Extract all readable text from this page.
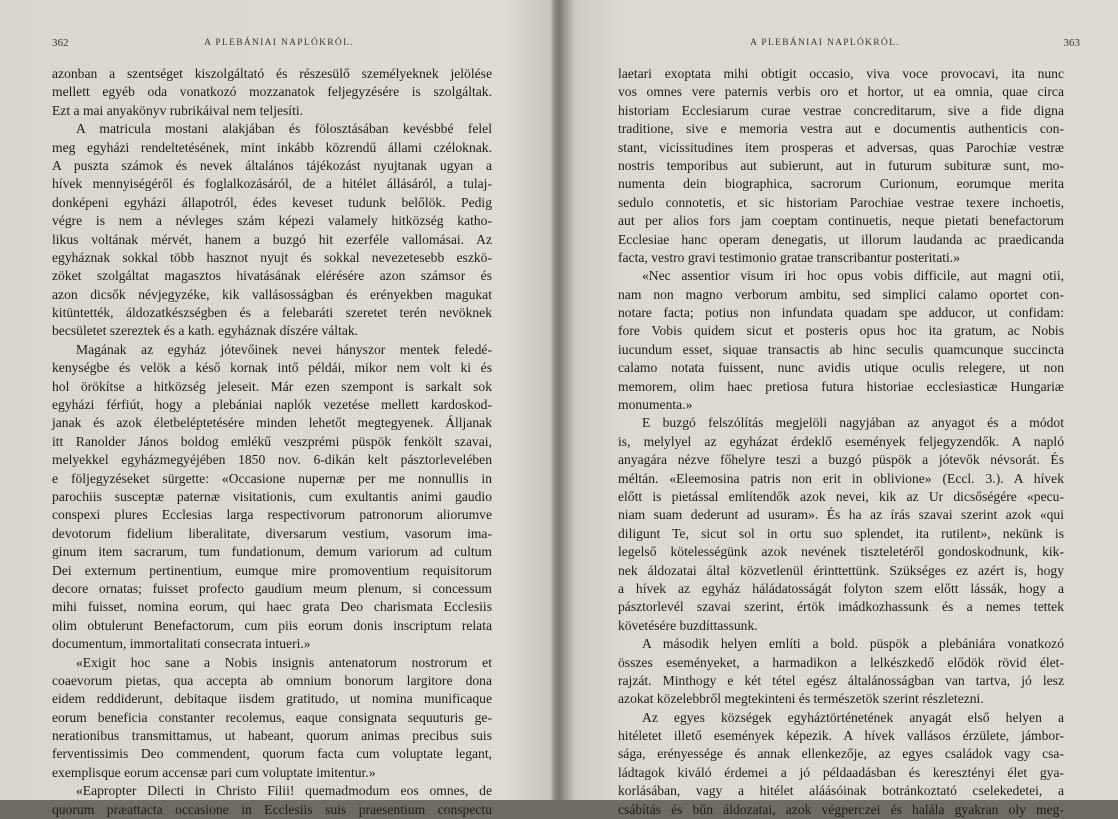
362	A PLEBÁNIAI NAPLÓKRÓL.
azonban a szentséget kiszolgáltató és részesülő személyeknek jelölése
mellett egyéb oda vonatkozó mozzanatok feljegyzésére is szolgáltak.
Ezt a mai anyakönyv rubrikáival nem teljesíti.
A matricula mostani alakjában és fölosztásában kevésbbé felel
meg egyházi rendeltetésének, mint inkább közrendű állami czéloknak.
A puszta számok és nevek általános tájékozást nyujtanak ugyan a
hívek mennyiségéről és foglalkozásáról, de a hitélet állásáról, a tulaj-
donképeni egyházi állapotról, édes keveset tudunk belőlök. Pedig
végre is nem a névleges szám képezi valamely hitközség katho-
likus voltának mérvét, hanem a buzgó hit ezerféle vallomásai. Az
egyháznak sokkal több hasznot nyujt és sokkal nevezetesebb eszkö-
zöket szolgáltat magasztos hivatásának elérésére azon számsor és
azon dicsők névjegyzéke, kik vallásosságban és erényekben magukat
kitüntették, áldozatkészségben és a felebaráti szeretet terén nevöknek
becsületet szereztek és a kath. egyháznak díszére váltak.
Magának az egyház jótevőinek nevei hányszor mentek feledé-
kenységbe és velök a késő kornak intő példái, mikor nem volt ki és
hol örökítse a hitközség jeleseit. Már ezen szempont is sarkalt sok
egyházi férfiút, hogy a plebániai naplók vezetése mellett kardoskod-
janak és azok életbeléptetésére minden lehetőt megtegyenek. Álljanak
itt Ranolder János boldog emlékű veszprémi püspök fenkölt szavai,
melyekkel egyházmegyéjében 1850 nov. 6-dikán kelt pásztorlevelében
e följegyzéseket sürgette: «Occasione nupernæ per me nonnullis in
parochiis susceptæ paternæ visitationis, cum exultantis animi gaudio
conspexi plures Ecclesias larga respectivorum patronorum aliorumve
devotorum fidelium liberalitate, diversarum vestium, vasorum ima-
ginum item sacrarum, tum fundationum, demum variorum ad cultum
Dei externum pertinentium, eumque mire promoventium requisitorum
decore ornatas; fuisset profecto gaudium meum plenum, si concessum
mihi fuisset, nomina eorum, qui haec grata Deo charismata Ecclesiis
olim obtulerunt Benefactorum, cum piis eorum donis inscriptum relata
documentum, immortalitati consecrata intueri.»
«Exigit hoc sane a Nobis insignis antenatorum nostrorum et
coaevorum pietas, qua accepta ab omnium bonorum largitore dona
eidem reddiderunt, debitaque iisdem gratitudo, ut nomina munificaque
eorum beneficia constanter recolemus, eaque consignata sequuturis ge-
nerationibus transmittamus, ut habeant, quorum animas precibus suis
ferventissimis Deo commendent, quorum facta cum voluptate legant,
exemplisque eorum accensæ pari cum voluptate imitentur.»
«Eapropter Dilecti in Christo Filii! quemadmodum eos omnes, de
quorum præattacta occasione in Ecclesiis suis praesentium conspectu
A PLEBÁNIAI NAPLÓKRÓL.	363
laetari exoptata mihi obtigit occasio, viva voce provocavi, ita nunc
vos omnes vere paternis verbis oro et hortor, ut ea omnia, quae circa
historiam Ecclesiarum curae vestrae concreditarum, sive a fide digna
traditione, sive e memoria vestra aut e documentis authenticis con-
stant, vicissitudines item prosperas et adversas, quas Parochiæ vestræ
nostris temporibus aut subierunt, aut in futurum subituræ sunt, mo-
numenta dein biographica, sacrorum Curionum, eorumque merita
sedulo connotetis, et sic historiam Parochiae vestrae texere inchoetis,
aut per alios fors jam coeptam continuetis, neque pietati benefactorum
Ecclesiae hanc operam denegatis, ut illorum laudanda ac praedicanda
facta, vestro gravi testimonio gratae transcribantur posteritati.»
«Nec assentior visum iri hoc opus vobis difficile, aut magni otii,
nam non magno verborum ambitu, sed simplici calamo oportet con-
notare facta; potius non infundata quadam spe adducor, ut confidam:
fore Vobis quidem sicut et posteris opus hoc ita gratum, ac Nobis
iucundum esset, siquae transactis ab hinc seculis quamcunque succincta
calamo notata fuissent, nunc avidis utique oculis relegere, ut non
memorem, olim haec pretiosa futura historiae ecclesiasticæ Hungariæ
monumenta.»
E buzgó felszólítás megjelöli nagyjában az anyagot és a módot
is, melylyel az egyházat érdeklő események feljegyzendők. A napló
anyagára nézve főhelyre teszi a buzgó püspök a jótevők névsorát. És
méltán. «Eleemosina patris non erit in oblivione» (Eccl. 3.). A hívek
előtt is pietással említendők azok nevei, kik az Ur dicsőségére «pecu-
niam suam dederunt ad usuram». És ha az írás szavai szerint azok «qui
diligunt Te, sicut sol in ortu suo splendet, ita rutilent», nekünk is
legelső kötelességünk azok nevének tiszteletéről gondoskodnunk, kik-
nek áldozatai által közvetlenül érinttettünk. Szükséges ez azért is, hogy
a hívek az egyház háládatosságát folyton szem előtt lássák, hogy a
pásztorlevél szavai szerint, értök imádkozhassunk és a nemes tettek
követésére buzdíttassunk.
A második helyen említi a bold. püspök a plebániára vonatkozó
összes eseményeket, a harmadikon a lelkészkedő elődök rövid élet-
rajzát. Minthogy e két tétel egész általánosságban van tartva, jó lesz
azokat közelebbről megtekinteni és természetök szerint részletezni.
Az egyes községek egyháztörténetének anyagát első helyen a
hitéletet illető események képezik. A hívek vallásos érzülete, jámbor-
sága, erényessége és annak ellenkezője, az egyes családok vagy csa-
ládtagok kiváló érdemei a jó példaadásban és keresztényi élet gya-
korlásában, vagy a hitélet aláásóinak botránkoztató cselekedetei, a
csábítás és bűn áldozatai, azok végperczei és halála gyakran oly meg-
